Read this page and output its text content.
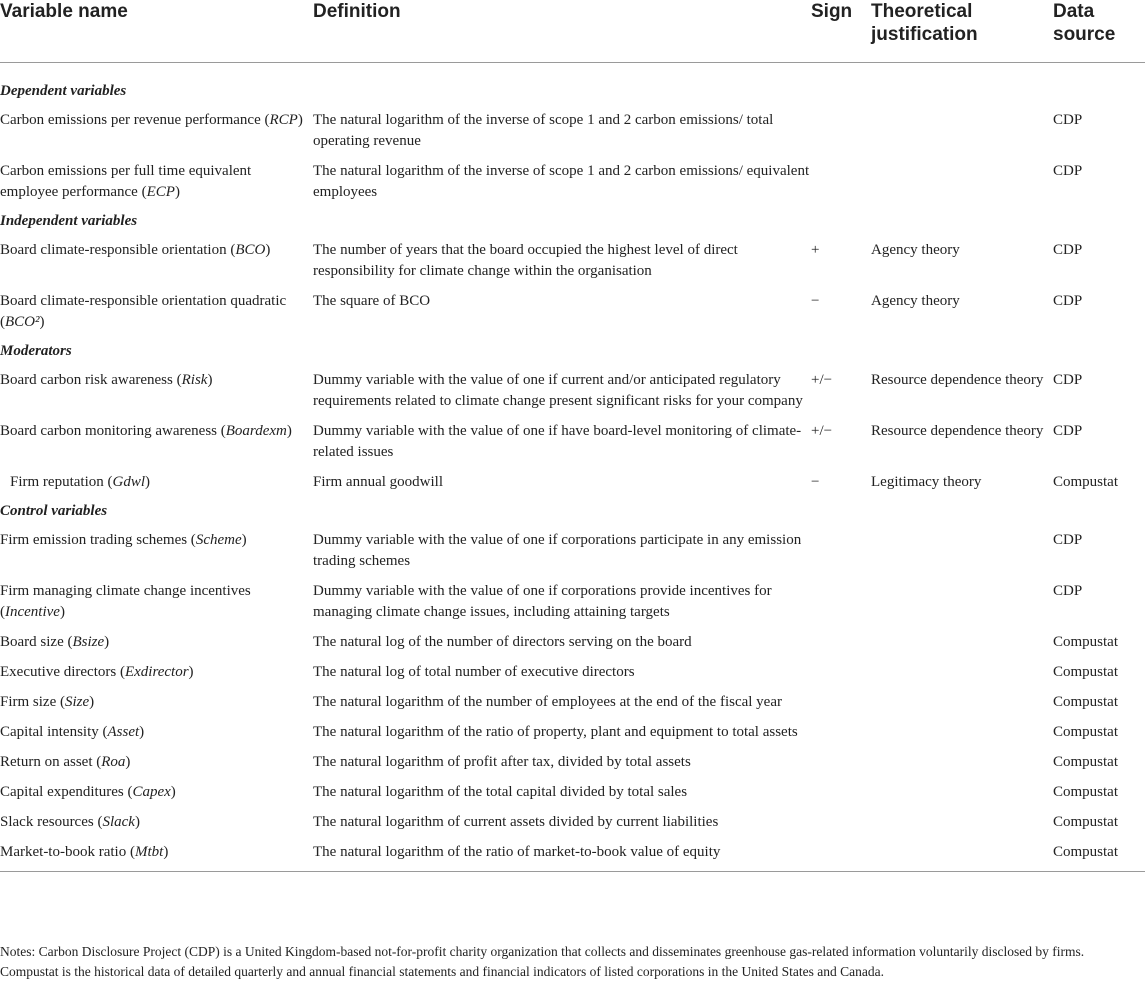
Variable name	Definition	Sign	Theoretical justification	Data source
Dependent variables				
Carbon emissions per revenue performance (RCP)	The natural logarithm of the inverse of scope 1 and 2 carbon emissions/ total operating revenue			CDP
Carbon emissions per full time equivalent employee performance (ECP)	The natural logarithm of the inverse of scope 1 and 2 carbon emissions/ equivalent employees			CDP
Independent variables				
Board climate-responsible orientation (BCO)	The number of years that the board occupied the highest level of direct responsibility for climate change within the organisation	+	Agency theory	CDP
Board climate-responsible orientation quadratic (BCO²)	The square of BCO	−	Agency theory	CDP
Moderators				
Board carbon risk awareness (Risk)	Dummy variable with the value of one if current and/or anticipated regulatory requirements related to climate change present significant risks for your company	+/−	Resource dependence theory	CDP
Board carbon monitoring awareness (Boardexm)	Dummy variable with the value of one if have board-level monitoring of climate-related issues	+/−	Resource dependence theory	CDP
Firm reputation (Gdwl)	Firm annual goodwill	−	Legitimacy theory	Compustat
Control variables				
Firm emission trading schemes (Scheme)	Dummy variable with the value of one if corporations participate in any emission trading schemes			CDP
Firm managing climate change incentives (Incentive)	Dummy variable with the value of one if corporations provide incentives for managing climate change issues, including attaining targets			CDP
Board size (Bsize)	The natural log of the number of directors serving on the board			Compustat
Executive directors (Exdirector)	The natural log of total number of executive directors			Compustat
Firm size (Size)	The natural logarithm of the number of employees at the end of the fiscal year			Compustat
Capital intensity (Asset)	The natural logarithm of the ratio of property, plant and equipment to total assets			Compustat
Return on asset (Roa)	The natural logarithm of profit after tax, divided by total assets			Compustat
Capital expenditures (Capex)	The natural logarithm of the total capital divided by total sales			Compustat
Slack resources (Slack)	The natural logarithm of current assets divided by current liabilities			Compustat
Market-to-book ratio (Mtbt)	The natural logarithm of the ratio of market-to-book value of equity			Compustat
Notes: Carbon Disclosure Project (CDP) is a United Kingdom-based not-for-profit charity organization that collects and disseminates greenhouse gas-related information voluntarily disclosed by firms. Compustat is the historical data of detailed quarterly and annual financial statements and financial indicators of listed corporations in the United States and Canada.
